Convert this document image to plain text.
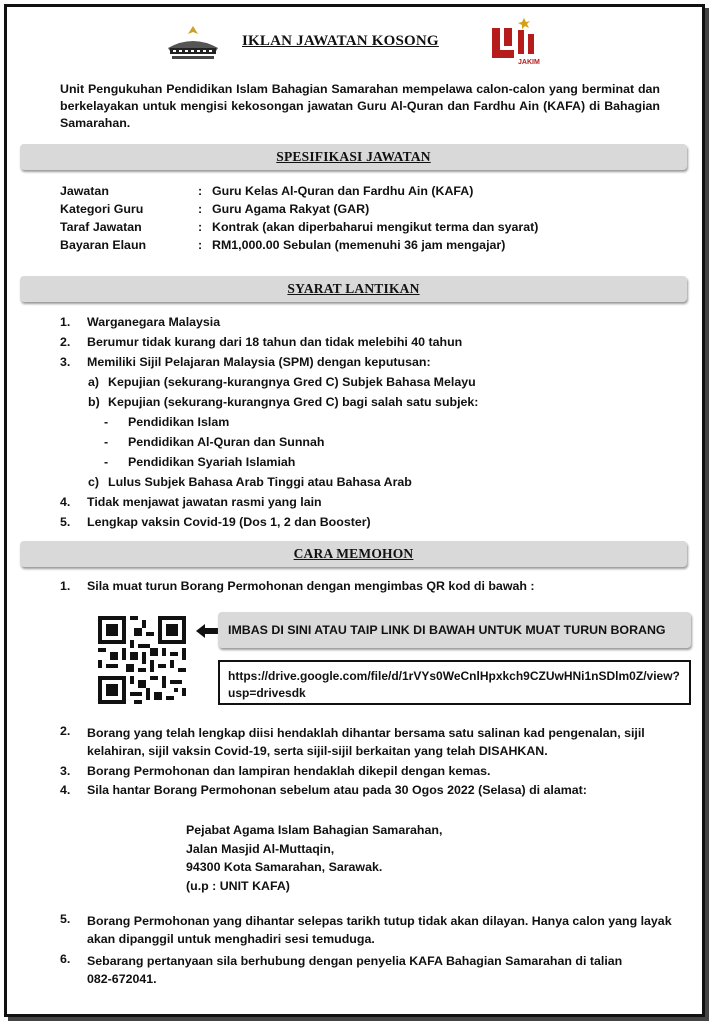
IKLAN JAWATAN KOSONG
JAKIM
Unit Pengukuhan Pendidikan Islam Bahagian Samarahan mempelawa calon-calon yang berminat dan berkelayakan untuk mengisi kekosongan jawatan Guru Al-Quran dan Fardhu Ain (KAFA) di Bahagian Samarahan.
SPESIFIKASI JAWATAN
Jawatan	: Guru Kelas Al-Quran dan Fardhu Ain (KAFA)
Kategori Guru	: Guru Agama Rakyat (GAR)
Taraf Jawatan	: Kontrak (akan diperbaharui mengikut terma dan syarat)
Bayaran Elaun	: RM1,000.00 Sebulan (memenuhi 36 jam mengajar)
SYARAT LANTIKAN
1. Warganegara Malaysia
2. Berumur tidak kurang dari 18 tahun dan tidak melebihi 40 tahun
3. Memiliki Sijil Pelajaran Malaysia (SPM) dengan keputusan:
a) Kepujian (sekurang-kurangnya Gred C) Subjek Bahasa Melayu
b) Kepujian (sekurang-kurangnya Gred C) bagi salah satu subjek:
- Pendidikan Islam
- Pendidikan Al-Quran dan Sunnah
- Pendidikan Syariah Islamiah
c) Lulus Subjek Bahasa Arab Tinggi atau Bahasa Arab
4. Tidak menjawat jawatan rasmi yang lain
5. Lengkap vaksin Covid-19 (Dos 1, 2 dan Booster)
CARA MEMOHON
1. Sila muat turun Borang Permohonan dengan mengimbas QR kod di bawah :
IMBAS DI SINI ATAU TAIP LINK DI BAWAH UNTUK MUAT TURUN BORANG
https://drive.google.com/file/d/1rVYs0WeCnlHpxkch9CZUwHNi1nSDlm0Z/view?usp=drivesdk
2. Borang yang telah lengkap diisi hendaklah dihantar bersama satu salinan kad pengenalan, sijil
kelahiran, sijil vaksin Covid-19, serta sijil-sijil berkaitan yang telah DISAHKAN.
3. Borang Permohonan dan lampiran hendaklah dikepil dengan kemas.
4. Sila hantar Borang Permohonan sebelum atau pada 30 Ogos 2022 (Selasa) di alamat:
Pejabat Agama Islam Bahagian Samarahan,
Jalan Masjid Al-Muttaqin,
94300 Kota Samarahan, Sarawak.
(u.p : UNIT KAFA)
5. Borang Permohonan yang dihantar selepas tarikh tutup tidak akan dilayan. Hanya calon yang layak
akan dipanggil untuk menghadiri sesi temuduga.
6. Sebarang pertanyaan sila berhubung dengan penyelia KAFA Bahagian Samarahan di talian
082-672041.
